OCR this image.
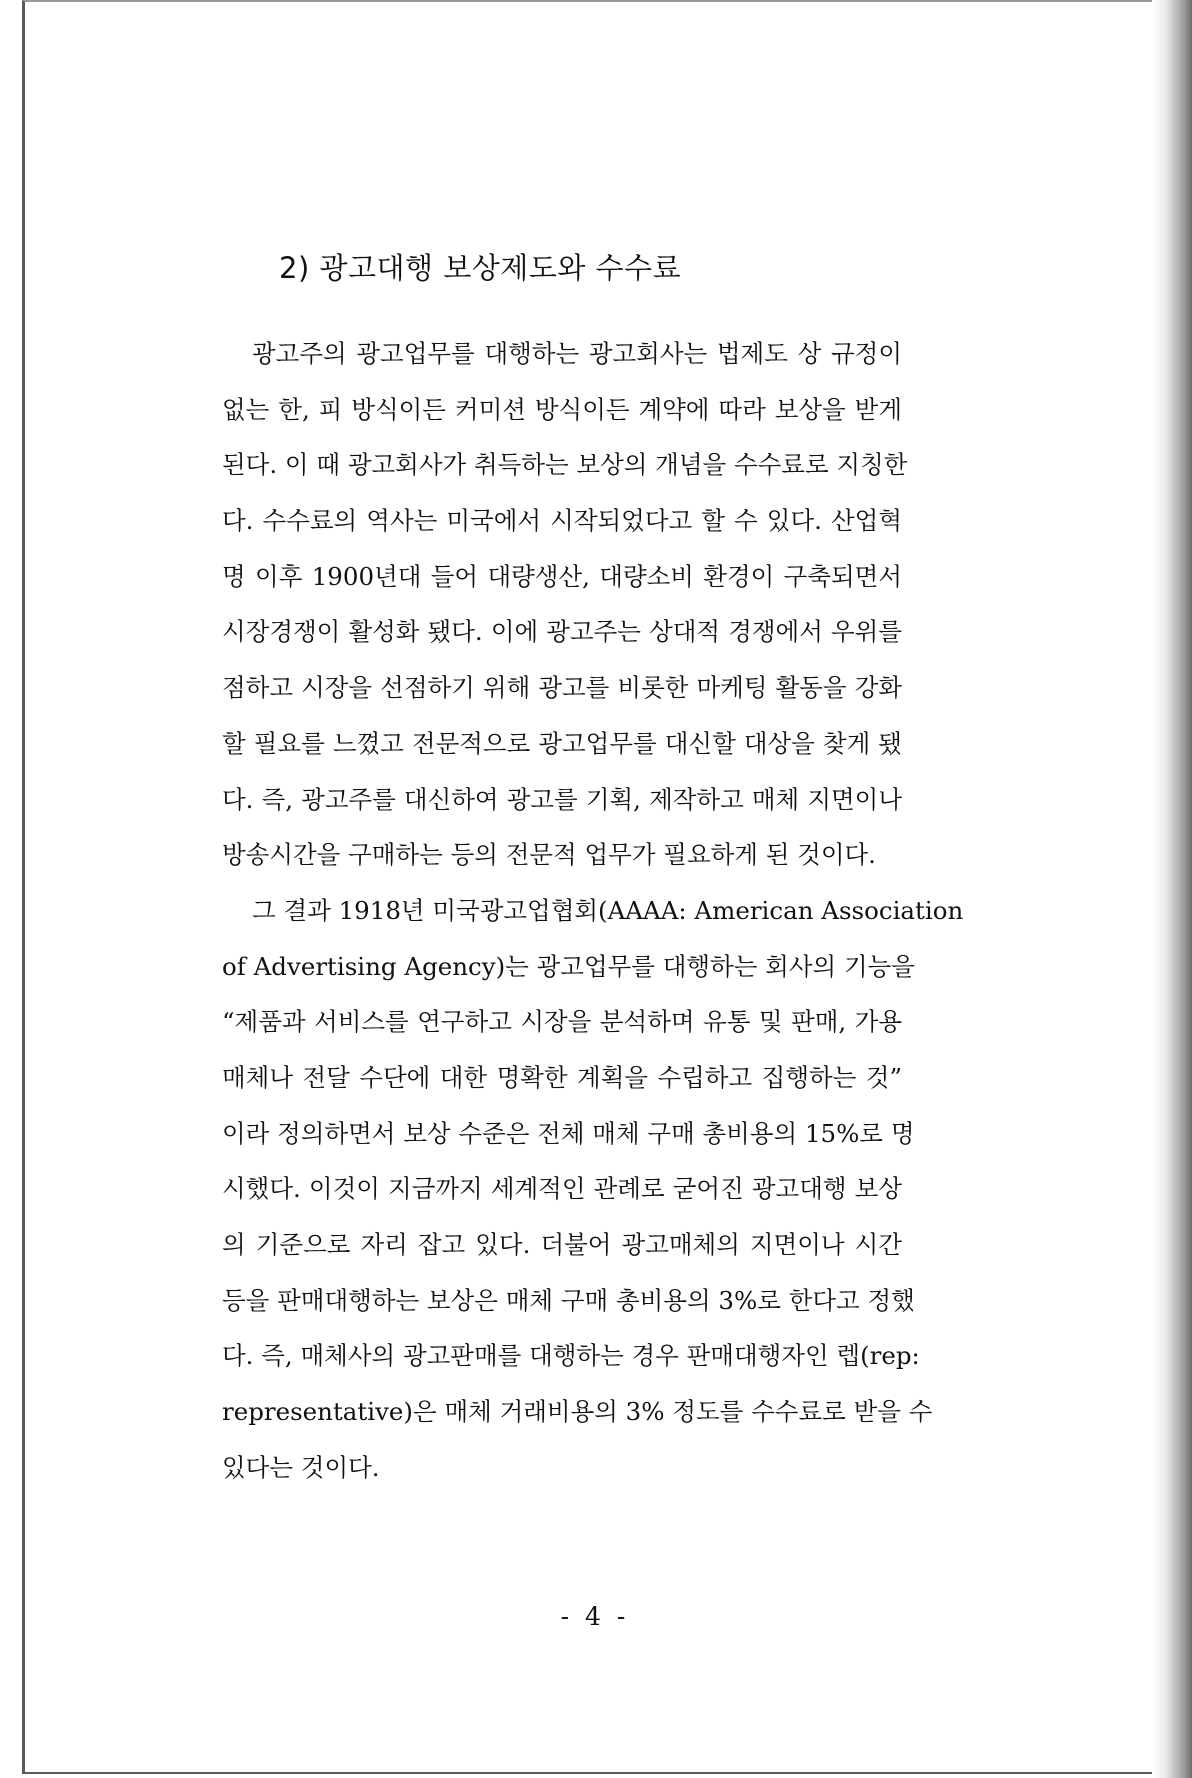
2) 광고대행 보상제도와 수수료
광고주의 광고업무를 대행하는 광고회사는 법제도 상 규정이
없는 한, 피 방식이든 커미션 방식이든 계약에 따라 보상을 받게
된다. 이 때 광고회사가 취득하는 보상의 개념을 수수료로 지칭한
다. 수수료의 역사는 미국에서 시작되었다고 할 수 있다. 산업혁
명 이후 1900년대 들어 대량생산, 대량소비 환경이 구축되면서
시장경쟁이 활성화 됐다. 이에 광고주는 상대적 경쟁에서 우위를
점하고 시장을 선점하기 위해 광고를 비롯한 마케팅 활동을 강화
할 필요를 느꼈고 전문적으로 광고업무를 대신할 대상을 찾게 됐
다. 즉, 광고주를 대신하여 광고를 기획, 제작하고 매체 지면이나
방송시간을 구매하는 등의 전문적 업무가 필요하게 된 것이다.
그 결과 1918년 미국광고업협회(AAAA: American Association
of Advertising Agency)는 광고업무를 대행하는 회사의 기능을
“제품과 서비스를 연구하고 시장을 분석하며 유통 및 판매, 가용
매체나 전달 수단에 대한 명확한 계획을 수립하고 집행하는 것”
이라 정의하면서 보상 수준은 전체 매체 구매 총비용의 15%로 명
시했다. 이것이 지금까지 세계적인 관례로 굳어진 광고대행 보상
의 기준으로 자리 잡고 있다. 더불어 광고매체의 지면이나 시간
등을 판매대행하는 보상은 매체 구매 총비용의 3%로 한다고 정했
다. 즉, 매체사의 광고판매를 대행하는 경우 판매대행자인 렙(rep:
representative)은 매체 거래비용의 3% 정도를 수수료로 받을 수
있다는 것이다.
- 4 -
